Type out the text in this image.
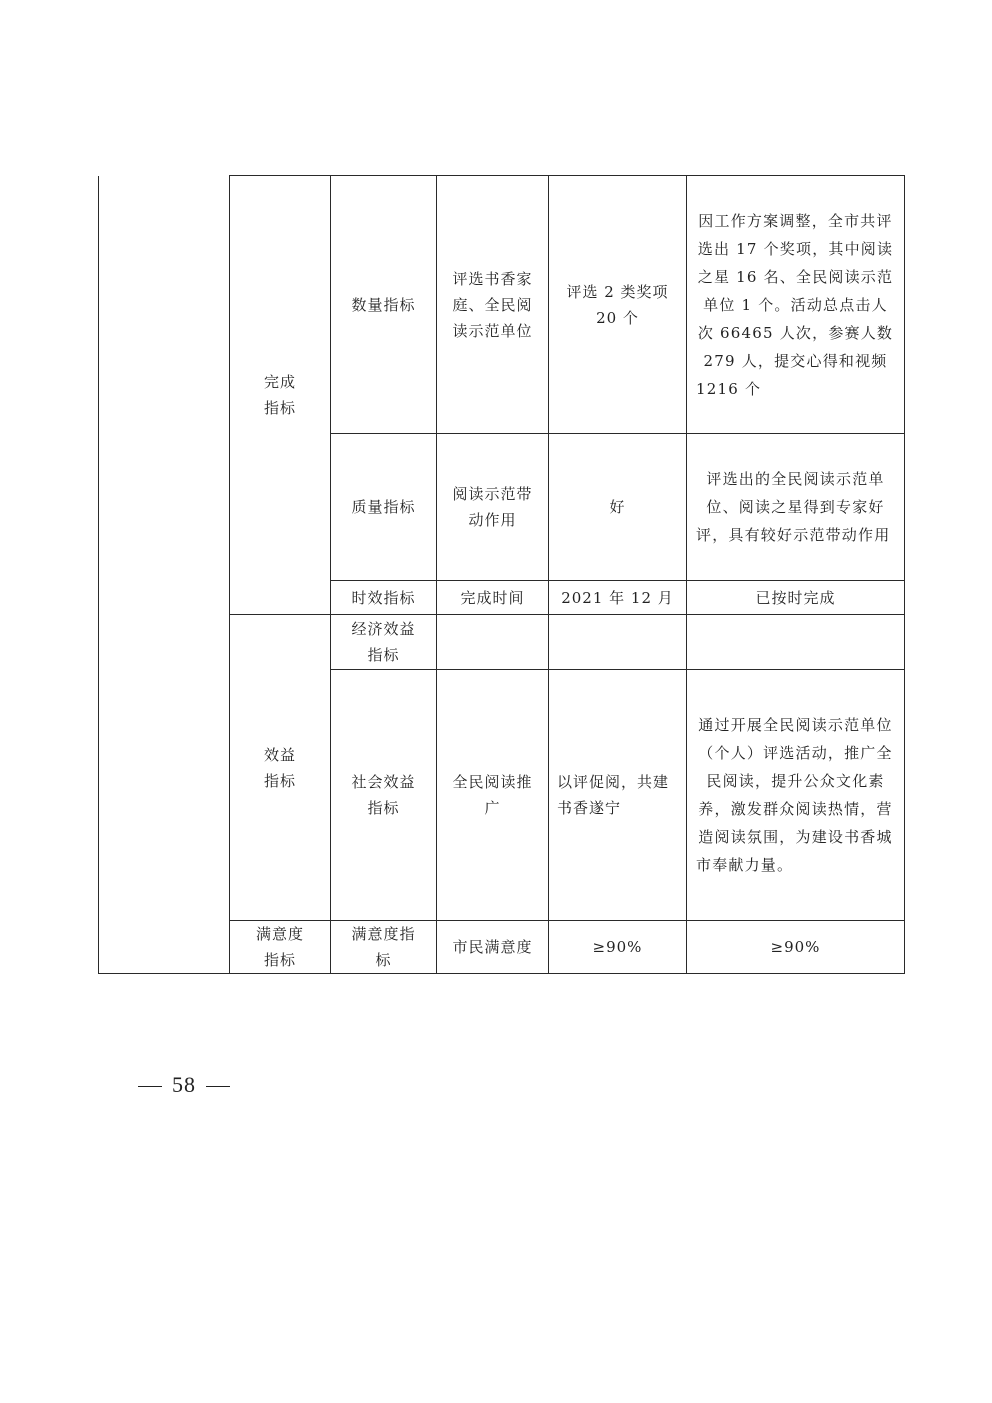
	完成指标	数量指标	评选书香家庭、全民阅读示范单位	评选 2 类奖项 20 个	因工作方案调整，全市共评选出 17 个奖项，其中阅读之星 16 名、全民阅读示范单位 1 个。活动总点击人次 66465 人次，参赛人数 279 人，提交心得和视频 1216 个

		质量指标	阅读示范带动作用	好	评选出的全民阅读示范单位、阅读之星得到专家好评，具有较好示范带动作用

		时效指标	完成时间	2021 年 12 月	已按时完成

	效益指标	经济效益指标			

		社会效益指标	全民阅读推广	以评促阅，共建书香遂宁	通过开展全民阅读示范单位（个人）评选活动，推广全民阅读，提升公众文化素养，激发群众阅读热情，营造阅读氛围，为建设书香城市奉献力量。

	满意度指标	满意度指标	市民满意度	≥90%	≥90%
58
